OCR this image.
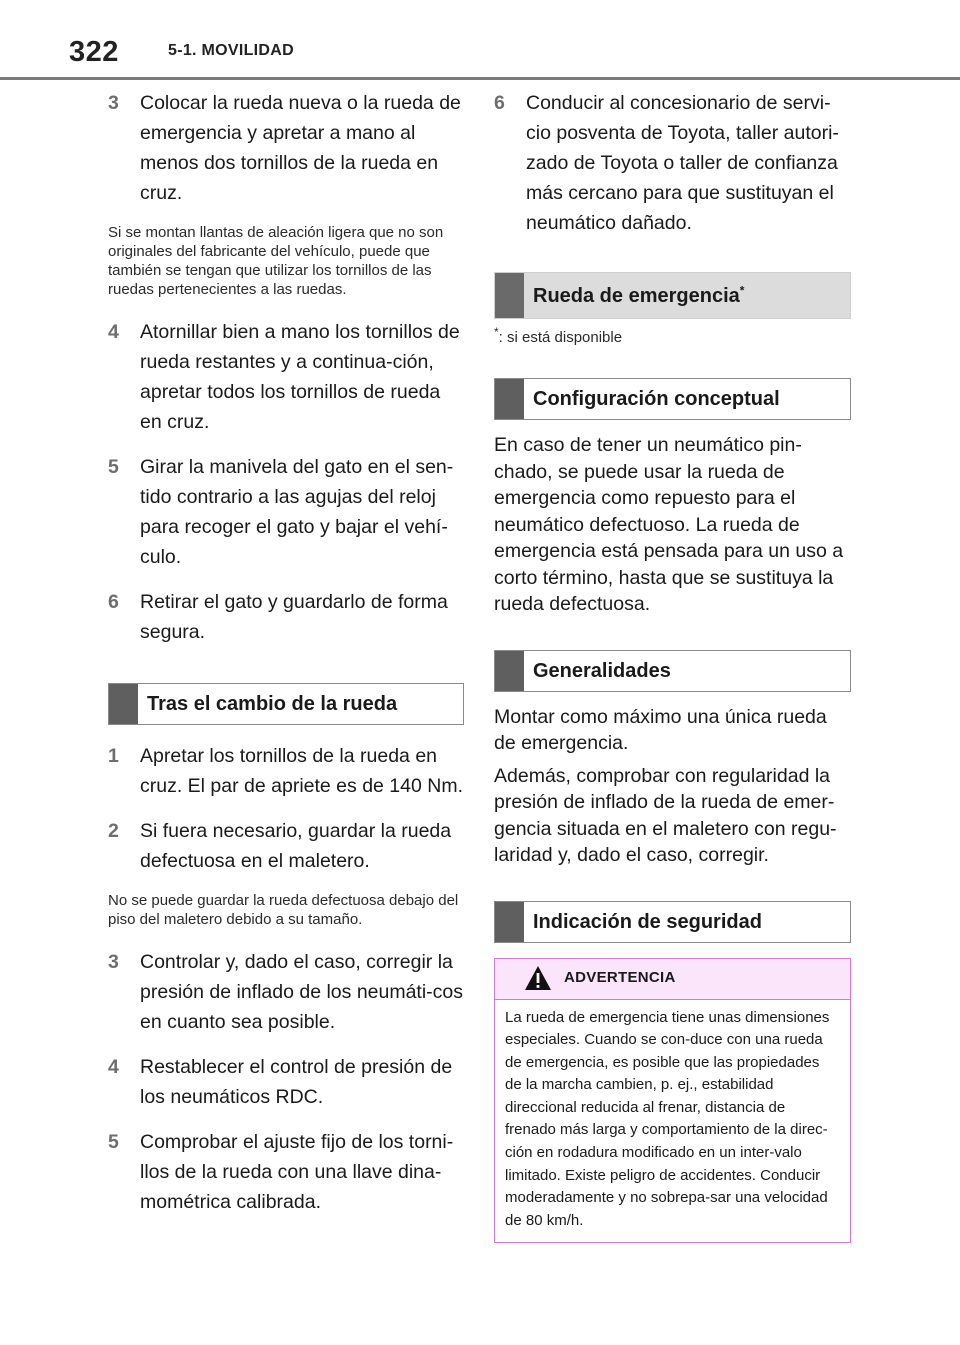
322	5-1. MOVILIDAD
3 Colocar la rueda nueva o la rueda de emergencia y apretar a mano al menos dos tornillos de la rueda en cruz.
Si se montan llantas de aleación ligera que no son originales del fabricante del vehículo, puede que también se tengan que utilizar los tornillos de las ruedas pertenecientes a las ruedas.
4 Atornillar bien a mano los tornillos de rueda restantes y a continua-ción, apretar todos los tornillos de rueda en cruz.
5 Girar la manivela del gato en el sen-tido contrario a las agujas del reloj para recoger el gato y bajar el vehí-culo.
6 Retirar el gato y guardarlo de forma segura.
Tras el cambio de la rueda
1 Apretar los tornillos de la rueda en cruz. El par de apriete es de 140 Nm.
2 Si fuera necesario, guardar la rueda defectuosa en el maletero.
No se puede guardar la rueda defectuosa debajo del piso del maletero debido a su tamaño.
3 Controlar y, dado el caso, corregir la presión de inflado de los neumáti-cos en cuanto sea posible.
4 Restablecer el control de presión de los neumáticos RDC.
5 Comprobar el ajuste fijo de los torni-llos de la rueda con una llave dina-mométrica calibrada.
6 Conducir al concesionario de servi-cio posventa de Toyota, taller autori-zado de Toyota o taller de confianza más cercano para que sustituyan el neumático dañado.
Rueda de emergencia*
*: si está disponible
Configuración conceptual

En caso de tener un neumático pin-chado, se puede usar la rueda de emergencia como repuesto para el neumático defectuoso. La rueda de emergencia está pensada para un uso a corto término, hasta que se sustituya la rueda defectuosa.

Generalidades

Montar como máximo una única rueda de emergencia.

Además, comprobar con regularidad la presión de inflado de la rueda de emer-gencia situada en el maletero con regu-laridad y, dado el caso, corregir.

Indicación de seguridad
ADVERTENCIA
La rueda de emergencia tiene unas dimensiones especiales. Cuando se con-duce con una rueda de emergencia, es posible que las propiedades de la marcha cambien, p. ej., estabilidad direccional reducida al frenar, distancia de frenado más larga y comportamiento de la direc-ción en rodadura modificado en un inter-valo limitado. Existe peligro de accidentes. Conducir moderadamente y no sobrepa-sar una velocidad de 80 km/h.
